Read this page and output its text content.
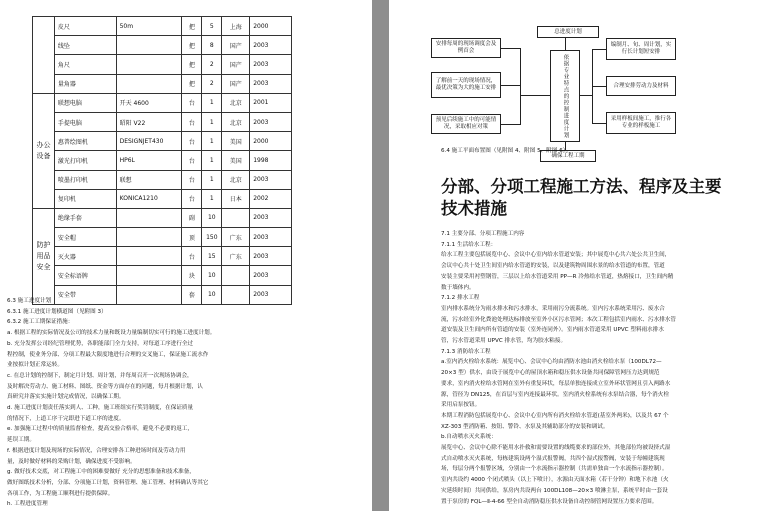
	皮尺	50m	把	5	上海	2000
	线坠		把	8	国产	2003
	角尺		把	2	国产	2003
	量角器		把	2	国产	2003
办公设备	联想电脑	开天 4600	台	1	北京	2001
	手提电脑	昭阳 V22	台	1	北京	2003
	惠普绘图机	DESIGNJET430	台	1	美国	2000
	激光打印机	HP6L	台	1	美国	1998
	喷墨打印机	联想	台	1	北京	2003
	复印机	KONICA1210	台	1	日本	2002
防护用品安全	绝缘手套		副	10		2003
	安全帽		顶	150	广东	2003
	灭火器		台	15	广东	2003
	安全标语牌		块	10		2003
	安全带		套	10		2003
6.3 施工进度计划
6.3.1 施工进度计划横道图（见附图 3）
6.3.2 施工工期保证措施：
a. 根据工程的实际情况及公司的技术力量和既设力量编制切实可行的施工进度计划。
b. 充分发挥公司经纪管理优势，各职能部门全力支持，对每道工序进行全过
程控制，使业务分部、分项工程最大限度地进行合理的交叉施工，保证施工流水作
业按拟计划正常运转。
c. 在总计划的控制下，制定月计划、周计划，并每周召开一次现场协调会，
及时解决劳动力、施工材料、图纸、资金等方面存在的问题，每月根据计划，认
真研究并落实实施计划完成情况，以确保工期。
d. 施工进度计划责任落实到人、工种，施工班组实行奖罚制度，在保证质量
的情况下，上道工序干完即进下道工序的进度。
e. 加强施工过程中的质量监督检查，提高交验合格率，避免不必要的返工，
延误工期。
f. 根据进度计划及现场的实际情况，合理安排各工种进场时间及劳动力用
量，及时做好材料的采购计划，确保进度不受影响。
g. 做好技术交底，对工程施工中的困难要做好 充分的思想准备和技术准备，
做好图纸技术分析，分部、分项施工计划，资料管理、施工管理、材料确认等其它
各项工作，为工程施工顺利进行提供保障。
h. 工程进度管理
总进度计划
依据专业特点的控制进度计划
安排每周的现场调度会及例首会
了解前一天的现场情况，最优决策为大的施工安排
预见后续施工中的可能情况，采取相应对策
编制月、旬、周计划，实行长计划短安排
合理安排劳动力及材料
采用样板间施工，推行各专业的样板施工
确保工程工期
6.4 施工平面布置图（见附图 4、附图 5、附图 6）。
分部、分项工程施工方法、程序及主要
技术措施
7.1 主要分部、分项工程施工内容
7.1.1 生活给水工程：
给水工程主要包括展览中心、会议中心室内给水管道安装；其中展览中心共六处公共卫生间，
会议中心共十处卫生间室内给水管道的安装，以及建筑物周围水景的给水管道的布置，管道
安装主要采用衬塑钢管，三层以上给水管道采用 PP—R 冷热给水管道，热熔接口，卫生间内精
数于墙体内。
7.1.2 排水工程
室内排水系统分为雨水排水和污水排水，采用雨污分流系统。室内污水系统采用污、废水合
流，污水经室外化粪池处理达标排放至室外小区污水管网；本次工程包括室内雨水、污水排水管
道安装及卫生间内所有管道的安装（室外连同外）。室内雨水管道采用 UPVC 塑料雨水排水
管，污水管道采用 UPVC 排水管，均为胶水粘接。
7.1.3 消防给水工程
a.室内消火栓给水系统：展览中心、会议中心均由消防水池由消火栓给水泵（100DL72—
20×3 型）供水，由设于展览中心的屋顶水箱和稳压供水设备共同保障管网压力达到规范
要求，室内消火栓给水管网在室外有重复环状，每层单独连接成立室外环状管网且引入两路水
源，管径为 DN125，在首层与室内连接最环状。室内消火栓系统有水泵结合器，每个消火栓
采用启泵按钮。
本期工程消防包括展览中心、会议中心室内所有消火栓给水管道(基室外两米)，以及共 67 个
XZ-303 型消防箱、按钮、警铃、水泵及其辅助部分的安装和调试。
b.自动喷水灭火系统：
展览中心、会议中心除不能用水扑救和需要设置的线缆要求的部位外，其他部位均被设挤式湿
式自动喷水灭火系统，每栋建筑设两个湿式报警阀，共四个湿式报警阀，安装于每幢建筑现
场，每层分两个报警区域，分别由一个水流指示器控制（共需单独由一个水流指示器控制）。
室内共设约 4000 个闭式喷头（以上下喷计），水源由天面水箱（若干分钟）和地下水池（火
灾延续时间）共同供给，泵房内共设两台 100DL108—20×3 喷淋主泵，系统平时由一套设
置于泵房的 FQL—Ⅱ-4-66 型全自动消防稳压供水设备自动控制管网设置压力要求范围。
